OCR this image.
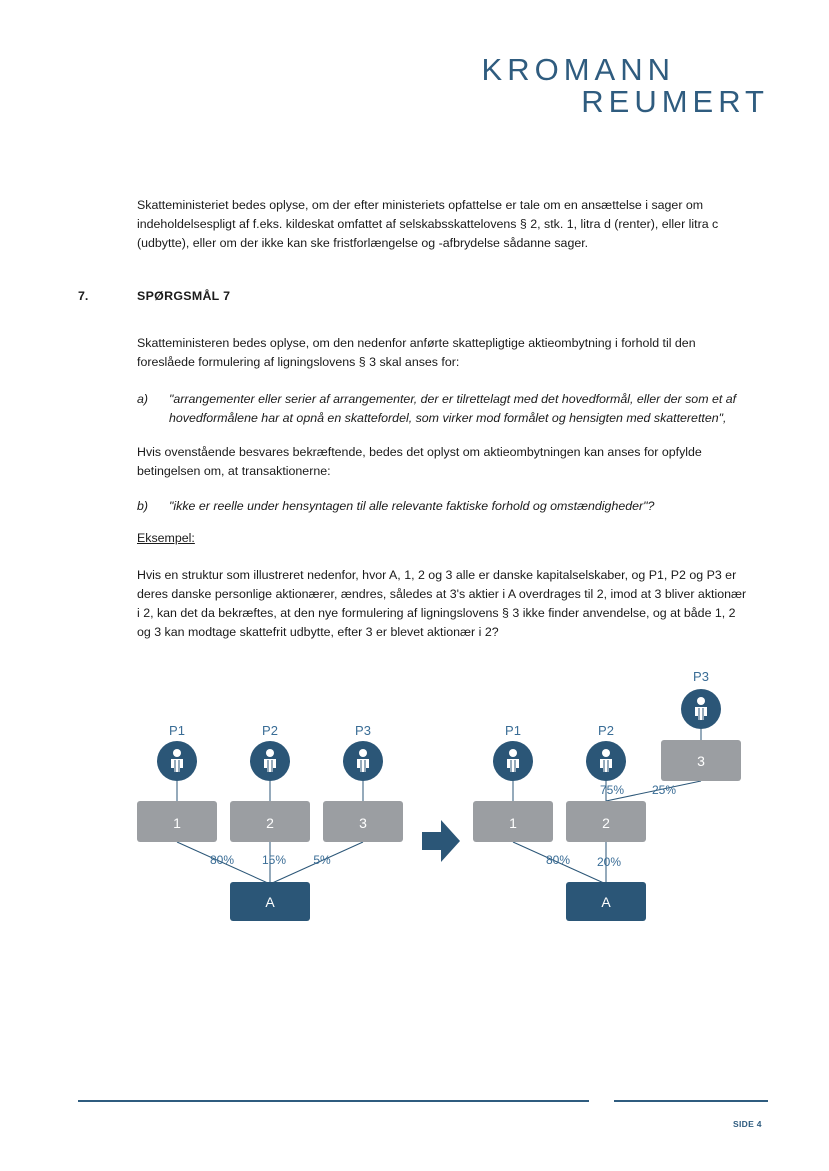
KROMANN
REUMERT

Skatteministeriet bedes oplyse, om der efter ministeriets opfattelse er tale om en ansættelse i sager om indeholdelsespligt af f.eks. kildeskat omfattet af selskabsskattelovens § 2, stk. 1, litra d (renter), eller litra c (udbytte), eller om der ikke kan ske fristforlængelse og -afbrydelse sådanne sager.

7.	SPØRGSMÅL 7

Skatteministeren bedes oplyse, om den nedenfor anførte skattepligtige aktieombytning i forhold til den foreslåede formulering af ligningslovens § 3 skal anses for:

a) "arrangementer eller serier af arrangementer, der er tilrettelagt med det hovedformål, eller der som et af hovedformålene har at opnå en skattefordel, som virker mod formålet og hensigten med skatteretten",

Hvis ovenstående besvares bekræftende, bedes det oplyst om aktieombytningen kan anses for opfylde betingelsen om, at transaktionerne:

b) "ikke er reelle under hensyntagen til alle relevante faktiske forhold og omstændigheder"?
Eksempel:

Hvis en struktur som illustreret nedenfor, hvor A, 1, 2 og 3 alle er danske kapitalselskaber, og P1, P2 og P3 er deres danske personlige aktionærer, ændres, således at 3's aktier i A overdrages til 2, imod at 3 bliver aktionær i 2, kan det da bekræftes, at den nye formulering af ligningslovens § 3 ikke finder anvendelse, og at både 1, 2 og 3 kan modtage skattefrit udbytte, efter 3 er blevet aktionær i 2?

P1	P2	P3
1	2	3
80% 15% 5%
A
P3
P1	P2
3
75% 25%
1	2
80% 20%
A
SIDE 4
